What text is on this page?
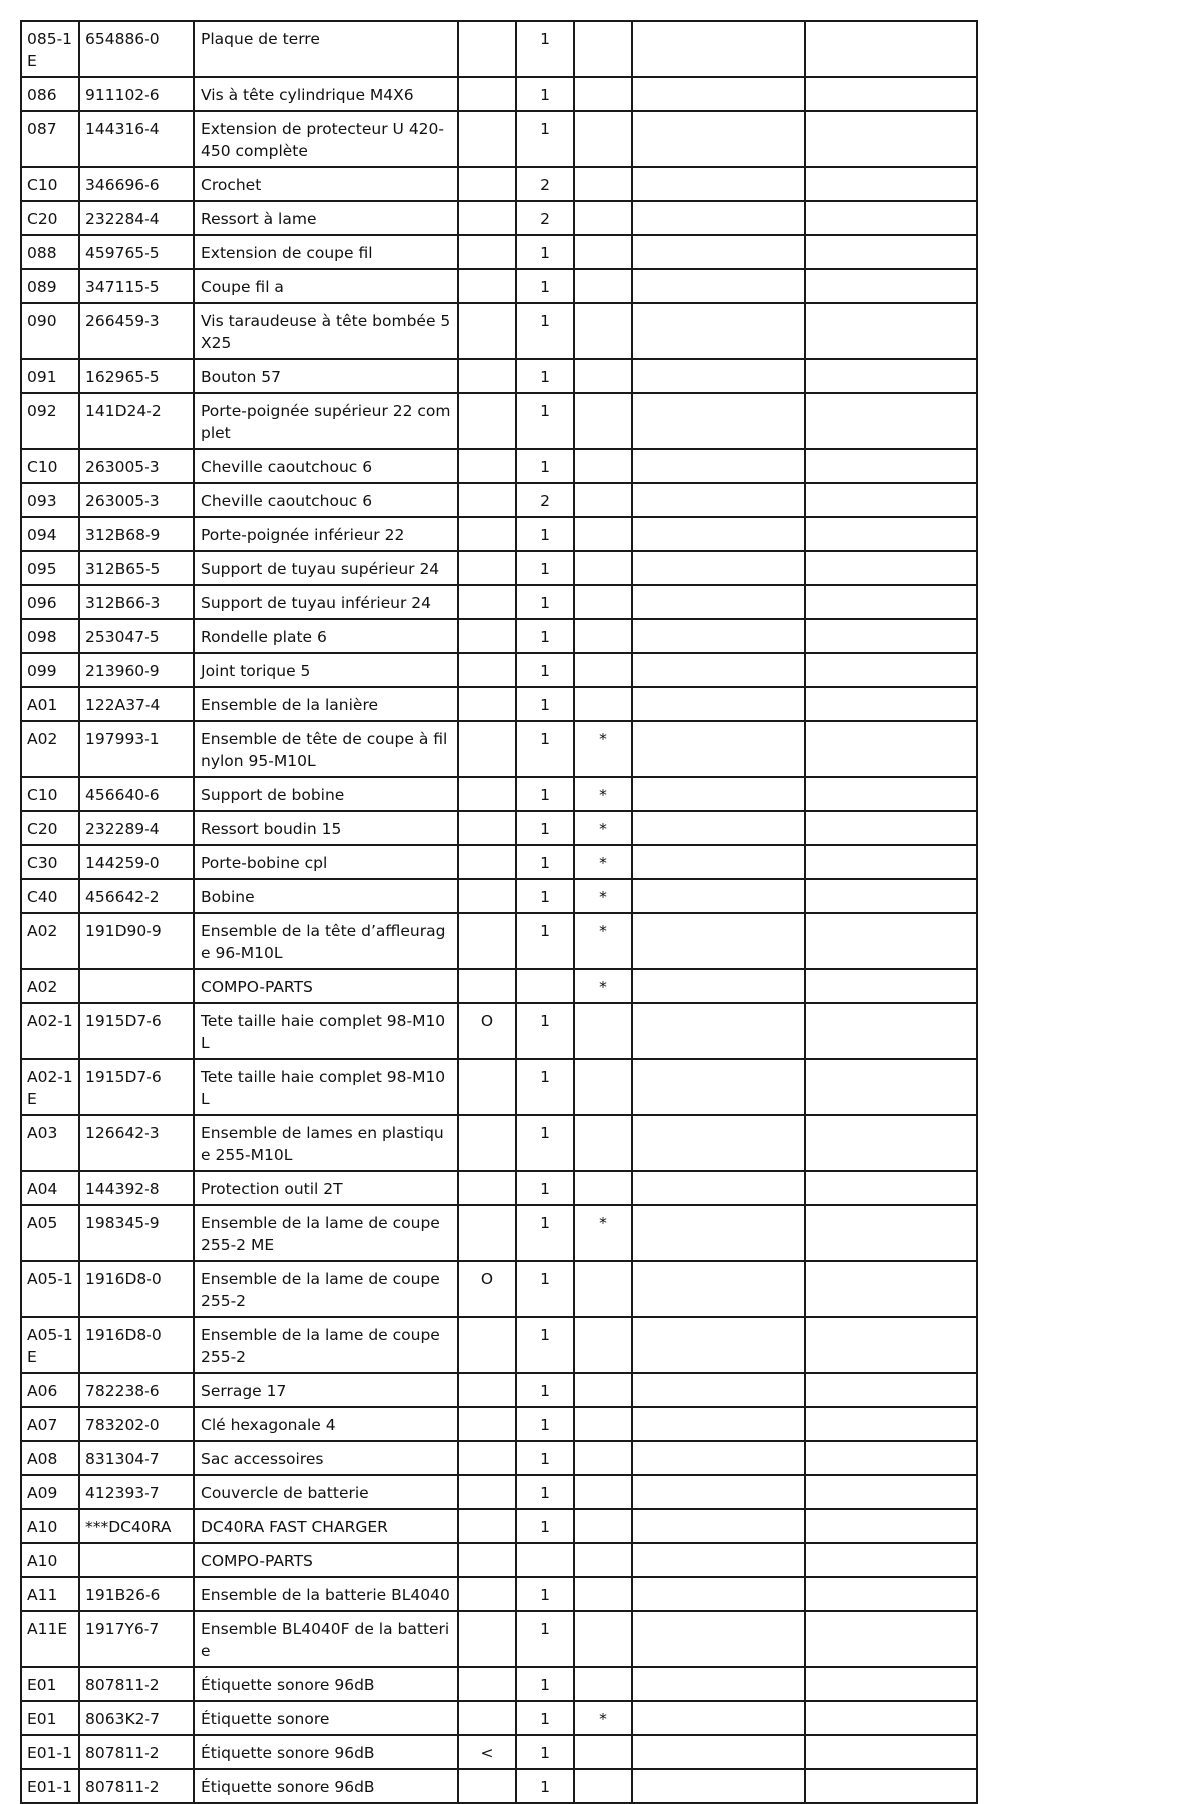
085-1E	654886-0	Plaque de terre		1			
086	911102-6	Vis à tête cylindrique M4X6		1			
087	144316-4	Extension de protecteur U 420-450 complète		1			
C10	346696-6	Crochet		2			
C20	232284-4	Ressort à lame		2			
088	459765-5	Extension de coupe fil		1			
089	347115-5	Coupe fil a		1			
090	266459-3	Vis taraudeuse à tête bombée 5X25		1			
091	162965-5	Bouton 57		1			
092	141D24-2	Porte-poignée supérieur 22 complet		1			
C10	263005-3	Cheville caoutchouc 6		1			
093	263005-3	Cheville caoutchouc 6		2			
094	312B68-9	Porte-poignée inférieur 22		1			
095	312B65-5	Support de tuyau supérieur 24		1			
096	312B66-3	Support de tuyau inférieur 24		1			
098	253047-5	Rondelle plate 6		1			
099	213960-9	Joint torique 5		1			
A01	122A37-4	Ensemble de la lanière		1			
A02	197993-1	Ensemble de tête de coupe à fil nylon 95-M10L		1	*		
C10	456640-6	Support de bobine		1	*		
C20	232289-4	Ressort boudin 15		1	*		
C30	144259-0	Porte-bobine cpl		1	*		
C40	456642-2	Bobine		1	*		
A02	191D90-9	Ensemble de la tête d’affleurage 96-M10L		1	*		
A02		COMPO-PARTS			*		
A02-1	1915D7-6	Tete taille haie complet 98-M10L	O	1			
A02-1E	1915D7-6	Tete taille haie complet 98-M10L		1			
A03	126642-3	Ensemble de lames en plastique 255-M10L		1			
A04	144392-8	Protection outil 2T		1			
A05	198345-9	Ensemble de la lame de coupe 255-2 ME		1	*		
A05-1	1916D8-0	Ensemble de la lame de coupe 255-2	O	1			
A05-1E	1916D8-0	Ensemble de la lame de coupe 255-2		1			
A06	782238-6	Serrage 17		1			
A07	783202-0	Clé hexagonale 4		1			
A08	831304-7	Sac accessoires		1			
A09	412393-7	Couvercle de batterie		1			
A10	***DC40RA	DC40RA FAST CHARGER		1			
A10		COMPO-PARTS					
A11	191B26-6	Ensemble de la batterie BL4040		1			
A11E	1917Y6-7	Ensemble BL4040F de la batterie		1			
E01	807811-2	Étiquette sonore 96dB		1			
E01	8063K2-7	Étiquette sonore		1	*		
E01-1	807811-2	Étiquette sonore 96dB	<	1			
E01-1	807811-2	Étiquette sonore 96dB		1			
